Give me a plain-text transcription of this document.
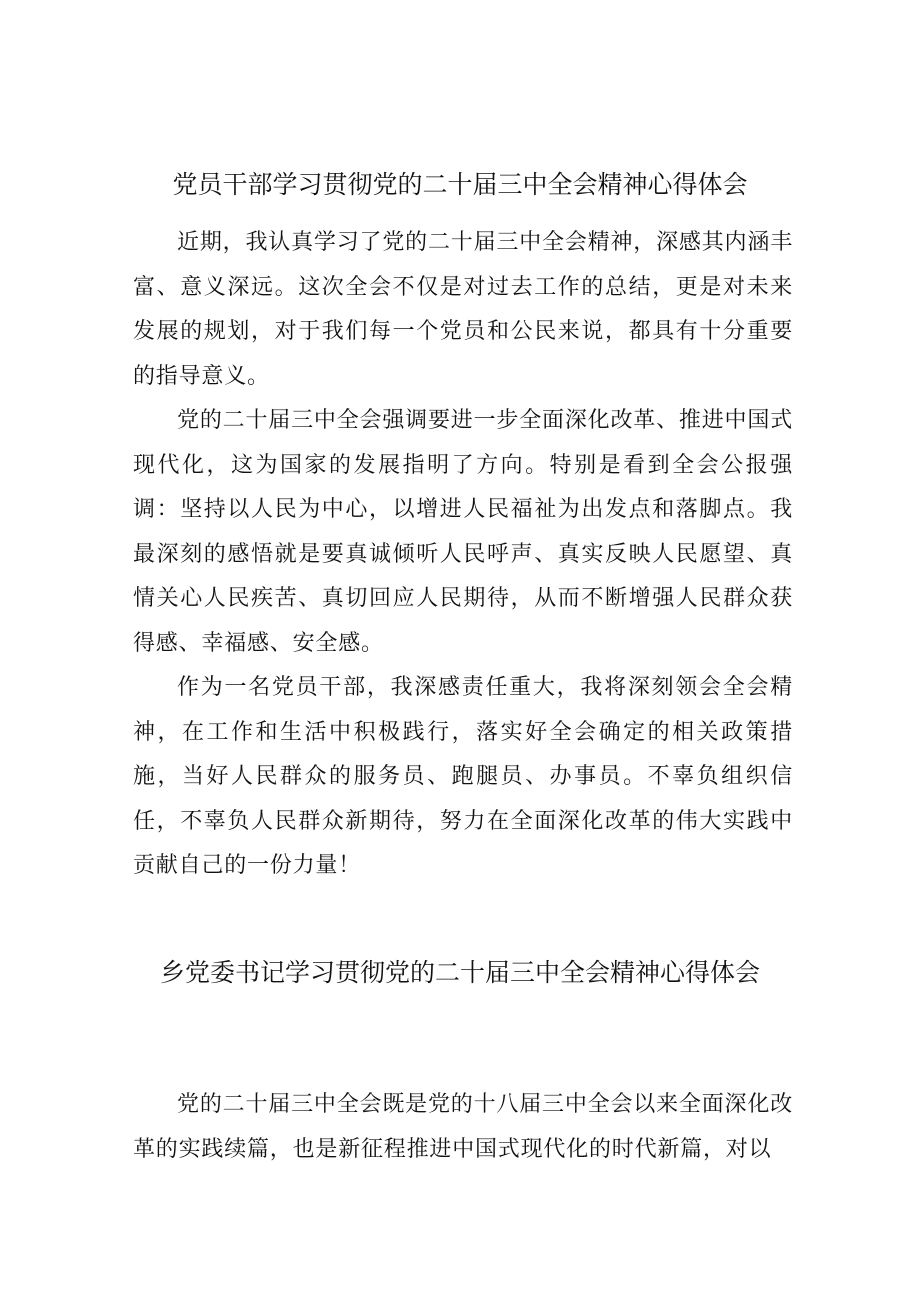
党员干部学习贯彻党的二十届三中全会精神心得体会

近期，我认真学习了党的二十届三中全会精神，深感其内涵丰富、意义深远。这次全会不仅是对过去工作的总结，更是对未来发展的规划，对于我们每一个党员和公民来说，都具有十分重要的指导意义。

党的二十届三中全会强调要进一步全面深化改革、推进中国式现代化，这为国家的发展指明了方向。特别是看到全会公报强调：坚持以人民为中心，以增进人民福祉为出发点和落脚点。我最深刻的感悟就是要真诚倾听人民呼声、真实反映人民愿望、真情关心人民疾苦、真切回应人民期待，从而不断增强人民群众获得感、幸福感、安全感。

作为一名党员干部，我深感责任重大，我将深刻领会全会精神，在工作和生活中积极践行，落实好全会确定的相关政策措施，当好人民群众的服务员、跑腿员、办事员。不辜负组织信任，不辜负人民群众新期待，努力在全面深化改革的伟大实践中贡献自己的一份力量！

乡党委书记学习贯彻党的二十届三中全会精神心得体会

党的二十届三中全会既是党的十八届三中全会以来全面深化改革的实践续篇，也是新征程推进中国式现代化的时代新篇，对以
